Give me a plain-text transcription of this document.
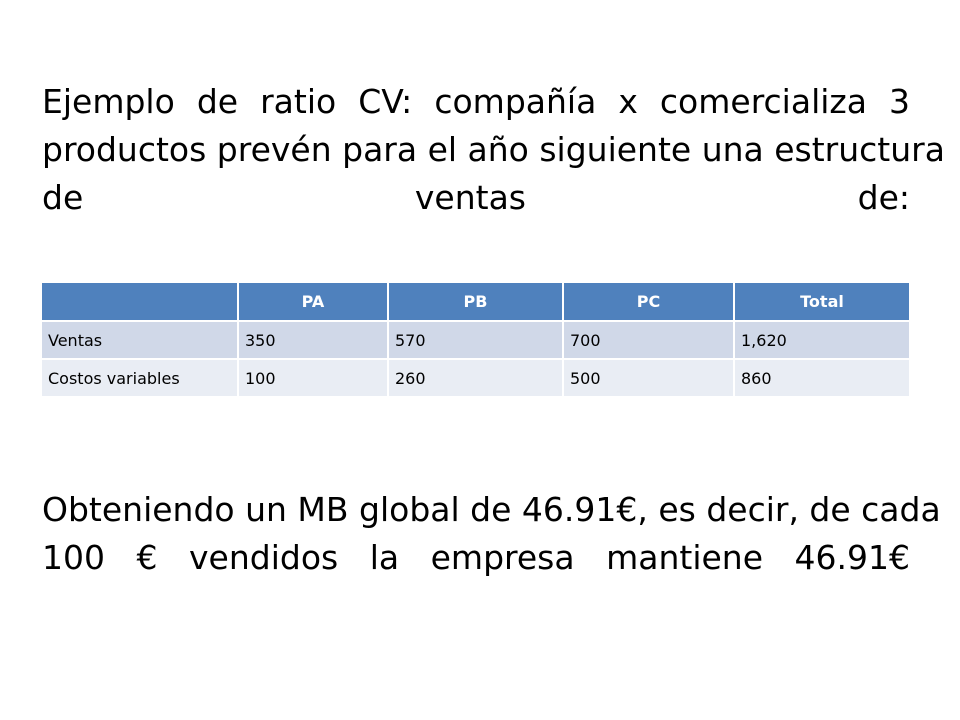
Ejemplo de ratio CV: compañía x comercializa 3
productos prevén para el año siguiente una estructura
de ventas de:

	PA	PB	PC	Total
Ventas	350	570	700	1,620
Costos variables	100	260	500	860

Obteniendo un MB global de 46.91€, es decir, de cada
100 € vendidos la empresa mantiene 46.91€
